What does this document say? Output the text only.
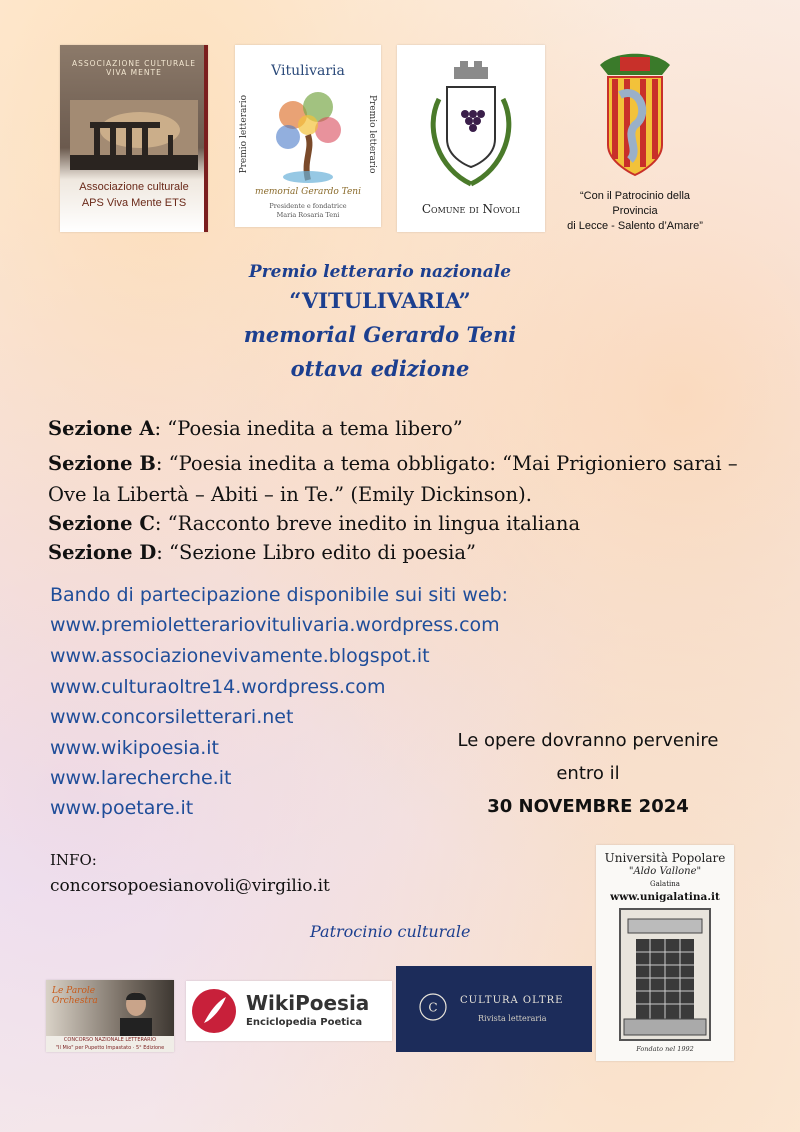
ASSOCIAZIONE CULTURALE VIVA MENTE
Associazione culturale
APS Viva Mente ETS
Vitulivaria
Premio letterario	Premio letterario
memorial Gerardo Teni
Presidente e fondatrice
Maria Rosaria Teni	Comune di Novoli
“Con il Patrocinio della
Provincia
di Lecce - Salento d’Amare”
Premio letterario nazionale
“VITULIVARIA”
memorial Gerardo Teni
ottava edizione
Sezione A: “Poesia inedita a tema libero”
Sezione B: “Poesia inedita a tema obbligato: “Mai Prigioniero sarai – Ove la Libertà – Abiti – in Te.” (Emily Dickinson).
Sezione C: “Racconto breve inedito in lingua italiana
Sezione D: “Sezione Libro edito di poesia”
Bando di partecipazione disponibile sui siti web:
www.premioletterariovitulivaria.wordpress.com
www.associazionevivamente.blogspot.it
www.culturaoltre14.wordpress.com
www.concorsiletterari.net
www.wikipoesia.it
www.larecherche.it
www.poetare.it
Le opere dovranno pervenire
entro il
30 NOVEMBRE 2024
INFO:
concorsopoesianovoli@virgilio.it
Patrocinio culturale
Università Popolare
"Aldo Vallone"
Galatina
www.unigalatina.it
Fondato nel 1992
Le Parole
Orchestra
CONCORSO NAZIONALE LETTERARIO
"Il Mio" per Pupetto Impastato · 5° Edizione
WikiPoesia
Enciclopedia Poetica
C CULTURA OLTRE
Rivista letteraria
